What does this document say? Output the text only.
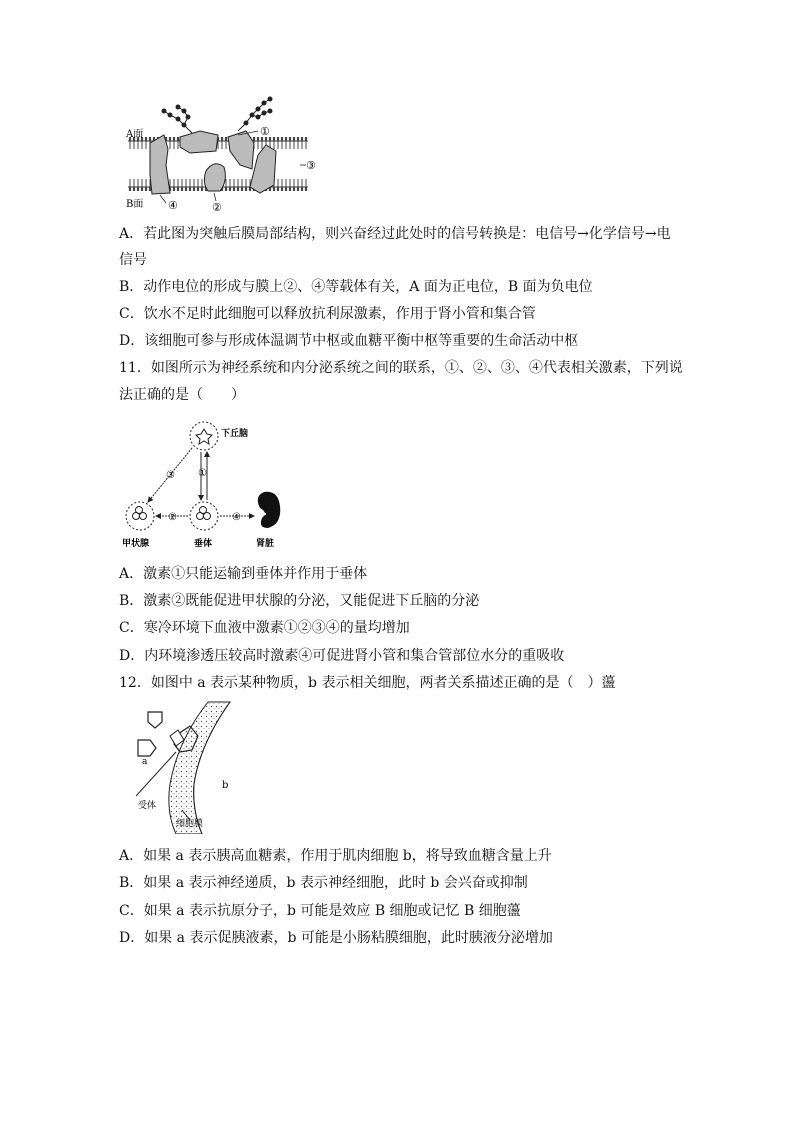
A面
B面
①
②
③
④
A．若此图为突触后膜局部结构，则兴奋经过此处时的信号转换是：电信号→化学信号→电
信号
B．动作电位的形成与膜上②、④等载体有关，A 面为正电位，B 面为负电位
C．饮水不足时此细胞可以释放抗利尿激素，作用于肾小管和集合管
D．该细胞可参与形成体温调节中枢或血糖平衡中枢等重要的生命活动中枢
11．如图所示为神经系统和内分泌系统之间的联系，①、②、③、④代表相关激素，下列说
法正确的是（　　）
①
②
③
④
下丘脑
甲状腺	垂体	肾脏
A．激素①只能运输到垂体并作用于垂体
B．激素②既能促进甲状腺的分泌，又能促进下丘脑的分泌
C．寒冷环境下血液中激素①②③④的量均增加
D．内环境渗透压较高时激素④可促进肾小管和集合管部位水分的重吸收
12．如图中 a 表示某种物质，b 表示相关细胞，两者关系描述正确的是（　）蘯
a
b
受体
细胞膜
A．如果 a 表示胰高血糖素，作用于肌肉细胞 b，将导致血糖含量上升
B．如果 a 表示神经递质，b 表示神经细胞，此时 b 会兴奋或抑制
C．如果 a 表示抗原分子，b 可能是效应 B 细胞或记忆 B 细胞蘯
D．如果 a 表示促胰液素，b 可能是小肠粘膜细胞，此时胰液分泌增加
